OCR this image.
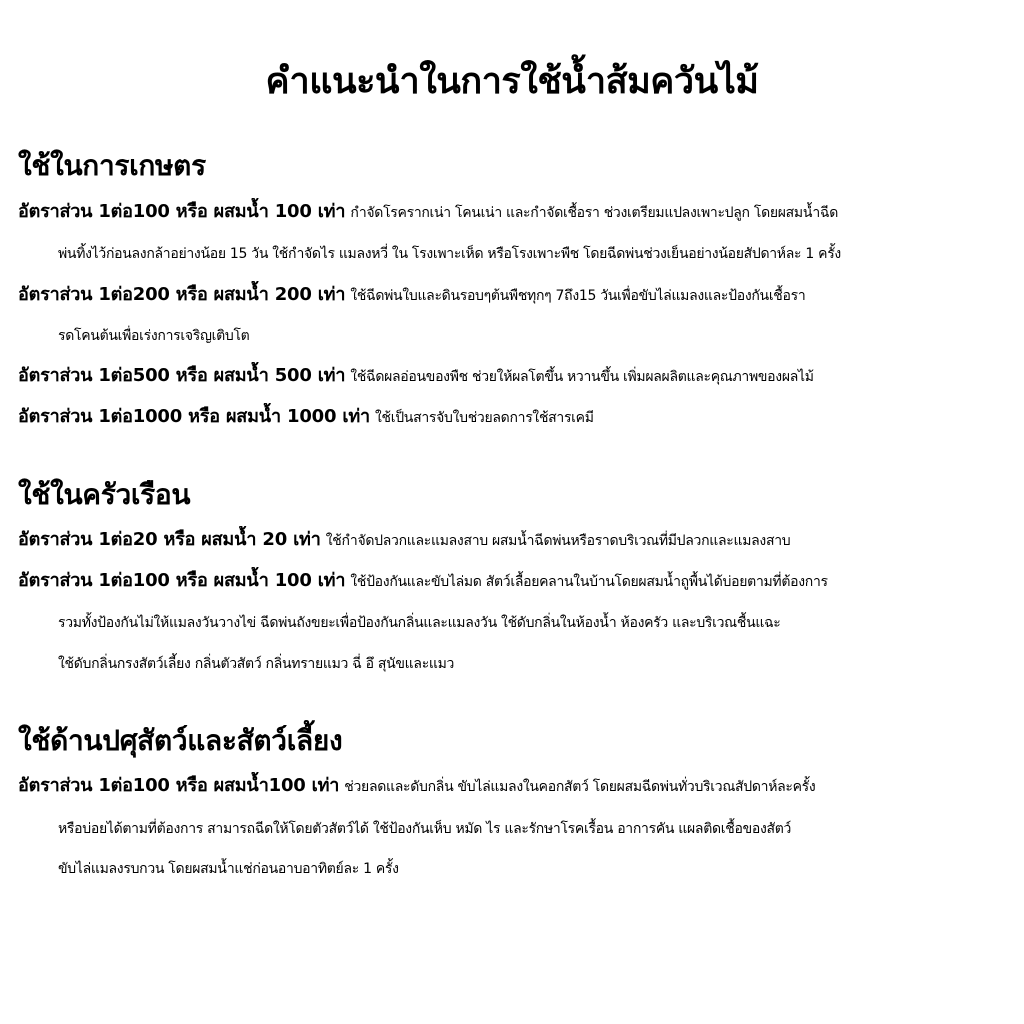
คำแนะนำในการใช้น้ำส้มควันไม้
ใช้ในการเกษตร
อัตราส่วน 1ต่อ100 หรือ ผสมน้ำ 100 เท่า กำจัดโรครากเน่า โคนเน่า และกำจัดเชื้อรา ช่วงเตรียมแปลงเพาะปลูก โดยผสมน้ำฉีด
พ่นทิ้งไว้ก่อนลงกล้าอย่างน้อย 15 วัน ใช้กำจัดไร แมลงหวี่ ใน โรงเพาะเห็ด หรือโรงเพาะพืช โดยฉีดพ่นช่วงเย็นอย่างน้อยสัปดาห์ละ 1 ครั้ง
อัตราส่วน 1ต่อ200 หรือ ผสมน้ำ 200 เท่า ใช้ฉีดพ่นใบและดินรอบๆต้นพืชทุกๆ 7ถึง15 วันเพื่อขับไล่แมลงและป้องกันเชื้อรา
รดโคนต้นเพื่อเร่งการเจริญเติบโต
อัตราส่วน 1ต่อ500 หรือ ผสมน้ำ 500 เท่า ใช้ฉีดผลอ่อนของพืช ช่วยให้ผลโตขึ้น หวานขึ้น เพิ่มผลผลิตและคุณภาพของผลไม้
อัตราส่วน 1ต่อ1000 หรือ ผสมน้ำ 1000 เท่า ใช้เป็นสารจับใบช่วยลดการใช้สารเคมี
ใช้ในครัวเรือน
อัตราส่วน 1ต่อ20 หรือ ผสมน้ำ 20 เท่า ใช้กำจัดปลวกและแมลงสาบ ผสมน้ำฉีดพ่นหรือราดบริเวณที่มีปลวกและแมลงสาบ
อัตราส่วน 1ต่อ100 หรือ ผสมน้ำ 100 เท่า ใช้ป้องกันและขับไล่มด สัตว์เลื้อยคลานในบ้านโดยผสมน้ำถูพื้นได้บ่อยตามที่ต้องการ
รวมทั้งป้องกันไม่ให้แมลงวันวางไข่ ฉีดพ่นถังขยะเพื่อป้องกันกลิ่นและแมลงวัน ใช้ดับกลิ่นในห้องน้ำ ห้องครัว และบริเวณชื้นแฉะ
ใช้ดับกลิ่นกรงสัตว์เลี้ยง กลิ่นตัวสัตว์ กลิ่นทรายแมว ฉี่ อึ สุนัขและแมว
ใช้ด้านปศุสัตว์และสัตว์เลี้ยง
อัตราส่วน 1ต่อ100 หรือ ผสมน้ำ100 เท่า ช่วยลดและดับกลิ่น ขับไล่แมลงในคอกสัตว์ โดยผสมฉีดพ่นทั่วบริเวณสัปดาห์ละครั้ง
หรือบ่อยได้ตามที่ต้องการ สามารถฉีดให้โดยตัวสัตว์ได้ ใช้ป้องกันเห็บ หมัด ไร และรักษาโรคเรื้อน อาการคัน แผลติดเชื้อของสัตว์
ขับไล่แมลงรบกวน โดยผสมน้ำแช่ก่อนอาบอาทิตย์ละ 1 ครั้ง
